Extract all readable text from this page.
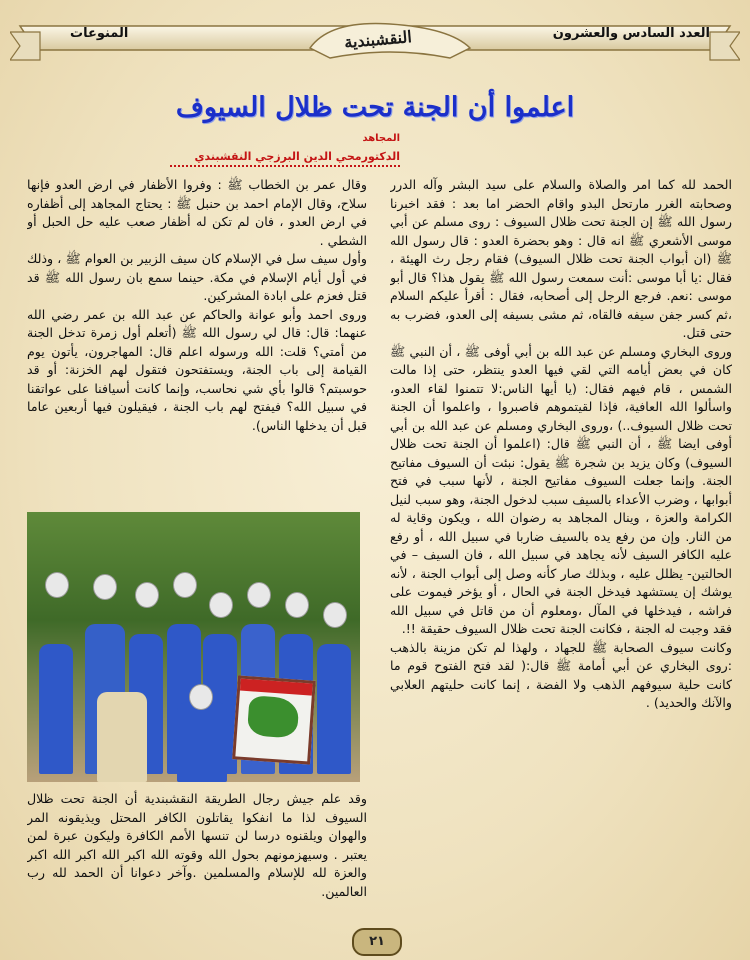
المنوعات	العدد السادس والعشرون
النقشبندية
اعلموا أن الجنة تحت ظلال السيوف
المجاهد
الدكتورمحي الدين البرزجي النقشبندي

الحمد لله كما امر والصلاة والسلام على سيد البشر وآله الدرر وصحابته الغرر مارتحل البدو واقام الحضر اما بعد : فقد اخبرنا رسول الله ﷺ إن الجنة تحت ظلال السيوف : روى مسلم عن أبي موسى الأشعري ﷺ انه قال : وهو بحضرة العدو : قال رسول الله ﷺ (ان أبواب الجنة تحت ظلال السيوف) فقام رجل رث الهيئة ، فقال :يا أبا موسى :أنت سمعت رسول الله ﷺ يقول هذا؟ قال أبو موسى :نعم. فرجع الرجل إلى أصحابه، فقال : أقرأ عليكم السلام ،ثم كسر جفن سيفه فالقاه، ثم مشى بسيفه إلى العدو، فضرب به حتى قتل.

وروى البخاري ومسلم عن عبد الله بن أبي أوفى ﷺ ، أن النبي ﷺ كان في بعض أيامه التي لقي فيها العدو ينتظر، حتى إذا مالت الشمس ، قام فيهم فقال: (يا أيها الناس:لا تتمنوا لقاء العدو، واسألوا الله العافية، فإذا لقيتموهم فاصبروا ، واعلموا أن الجنة تحت ظلال السيوف..) ،وروى البخاري ومسلم عن عبد الله بن أبي أوفى ايضا ﷺ ، أن النبي ﷺ قال: (اعلموا أن الجنة تحت ظلال السيوف) وكان يزيد بن شجرة ﷺ يقول: نبئت أن السيوف مفاتيح الجنة. وإنما جعلت السيوف مفاتيح الجنة ، لأنها سبب في فتح أبوابها ، وضرب الأعداء بالسيف سبب لدخول الجنة، وهو سبب لنيل الكرامة والعزة ، وينال المجاهد به رضوان الله ، ويكون وقاية له من النار. وإن من رفع يده بالسيف ضاربا في سبيل الله ، أو رفع عليه الكافر السيف لأنه يجاهد في سبيل الله ، فان السيف – في الحالتين- يظلل عليه ، وبذلك صار كأنه وصل إلى أبواب الجنة ، لأنه يوشك إن يستشهد فيدخل الجنة في الحال ، أو يؤخر فيموت على فراشه ، فيدخلها في المآل ،ومعلوم أن من قاتل في سبيل الله فقد وجبت له الجنة ، فكانت الجنة تحت ظلال السيوف حقيقة !!.

وكانت سيوف الصحابة ﷺ للجهاد ، ولهذا لم تكن مزينة بالذهب :روى البخاري عن أبي أمامة ﷺ قال:( لقد فتح الفتوح قوم ما كانت حلية سيوفهم الذهب ولا الفضة ، إنما كانت حليتهم العلابي والآنك والحديد) .

وقال عمر بن الخطاب ﷺ : وفروا الأظفار في ارض العدو فإنها سلاح، وقال الإمام احمد بن حنبل ﷺ : يحتاج المجاهد إلى أظفاره في ارض العدو ، فان لم تكن له أظفار صعب عليه حل الحبل أو الشطي .

وأول سيف سل في الإسلام كان سيف الزبير بن العوام ﷺ ، وذلك في أول أيام الإسلام في مكة. حينما سمع بان رسول الله ﷺ قد قتل فعزم على ابادة المشركين.

وروى احمد وأبو عوانة والحاكم عن عبد الله بن عمر رضي الله عنهما: قال: قال لي رسول الله ﷺ (أتعلم أول زمرة تدخل الجنة من أمتي؟ قلت: الله ورسوله اعلم قال: المهاجرون، يأتون يوم القيامة إلى باب الجنة، ويستفتحون فتقول لهم الخزنة: أو قد حوسبتم؟ قالوا بأي شي نحاسب، وإنما كانت أسيافنا على عواتقنا في سبيل الله؟ فيفتح لهم باب الجنة ، فيقيلون فيها أربعين عاما قبل أن يدخلها الناس).

وقد علم جيش رجال الطريقة النقشبندية أن الجنة تحت ظلال السيوف لذا ما انفكوا يقاتلون الكافر المحتل ويذيقونه المر والهوان ويلقنوه درسا لن تنسها الأمم الكافرة وليكون عبرة لمن يعتبر . وسيهزمونهم بحول الله وقوته الله اكبر الله اكبر الله اكبر والعزة لله للإسلام والمسلمين .وآخر دعوانا أن الحمد لله رب العالمين.

٢١
